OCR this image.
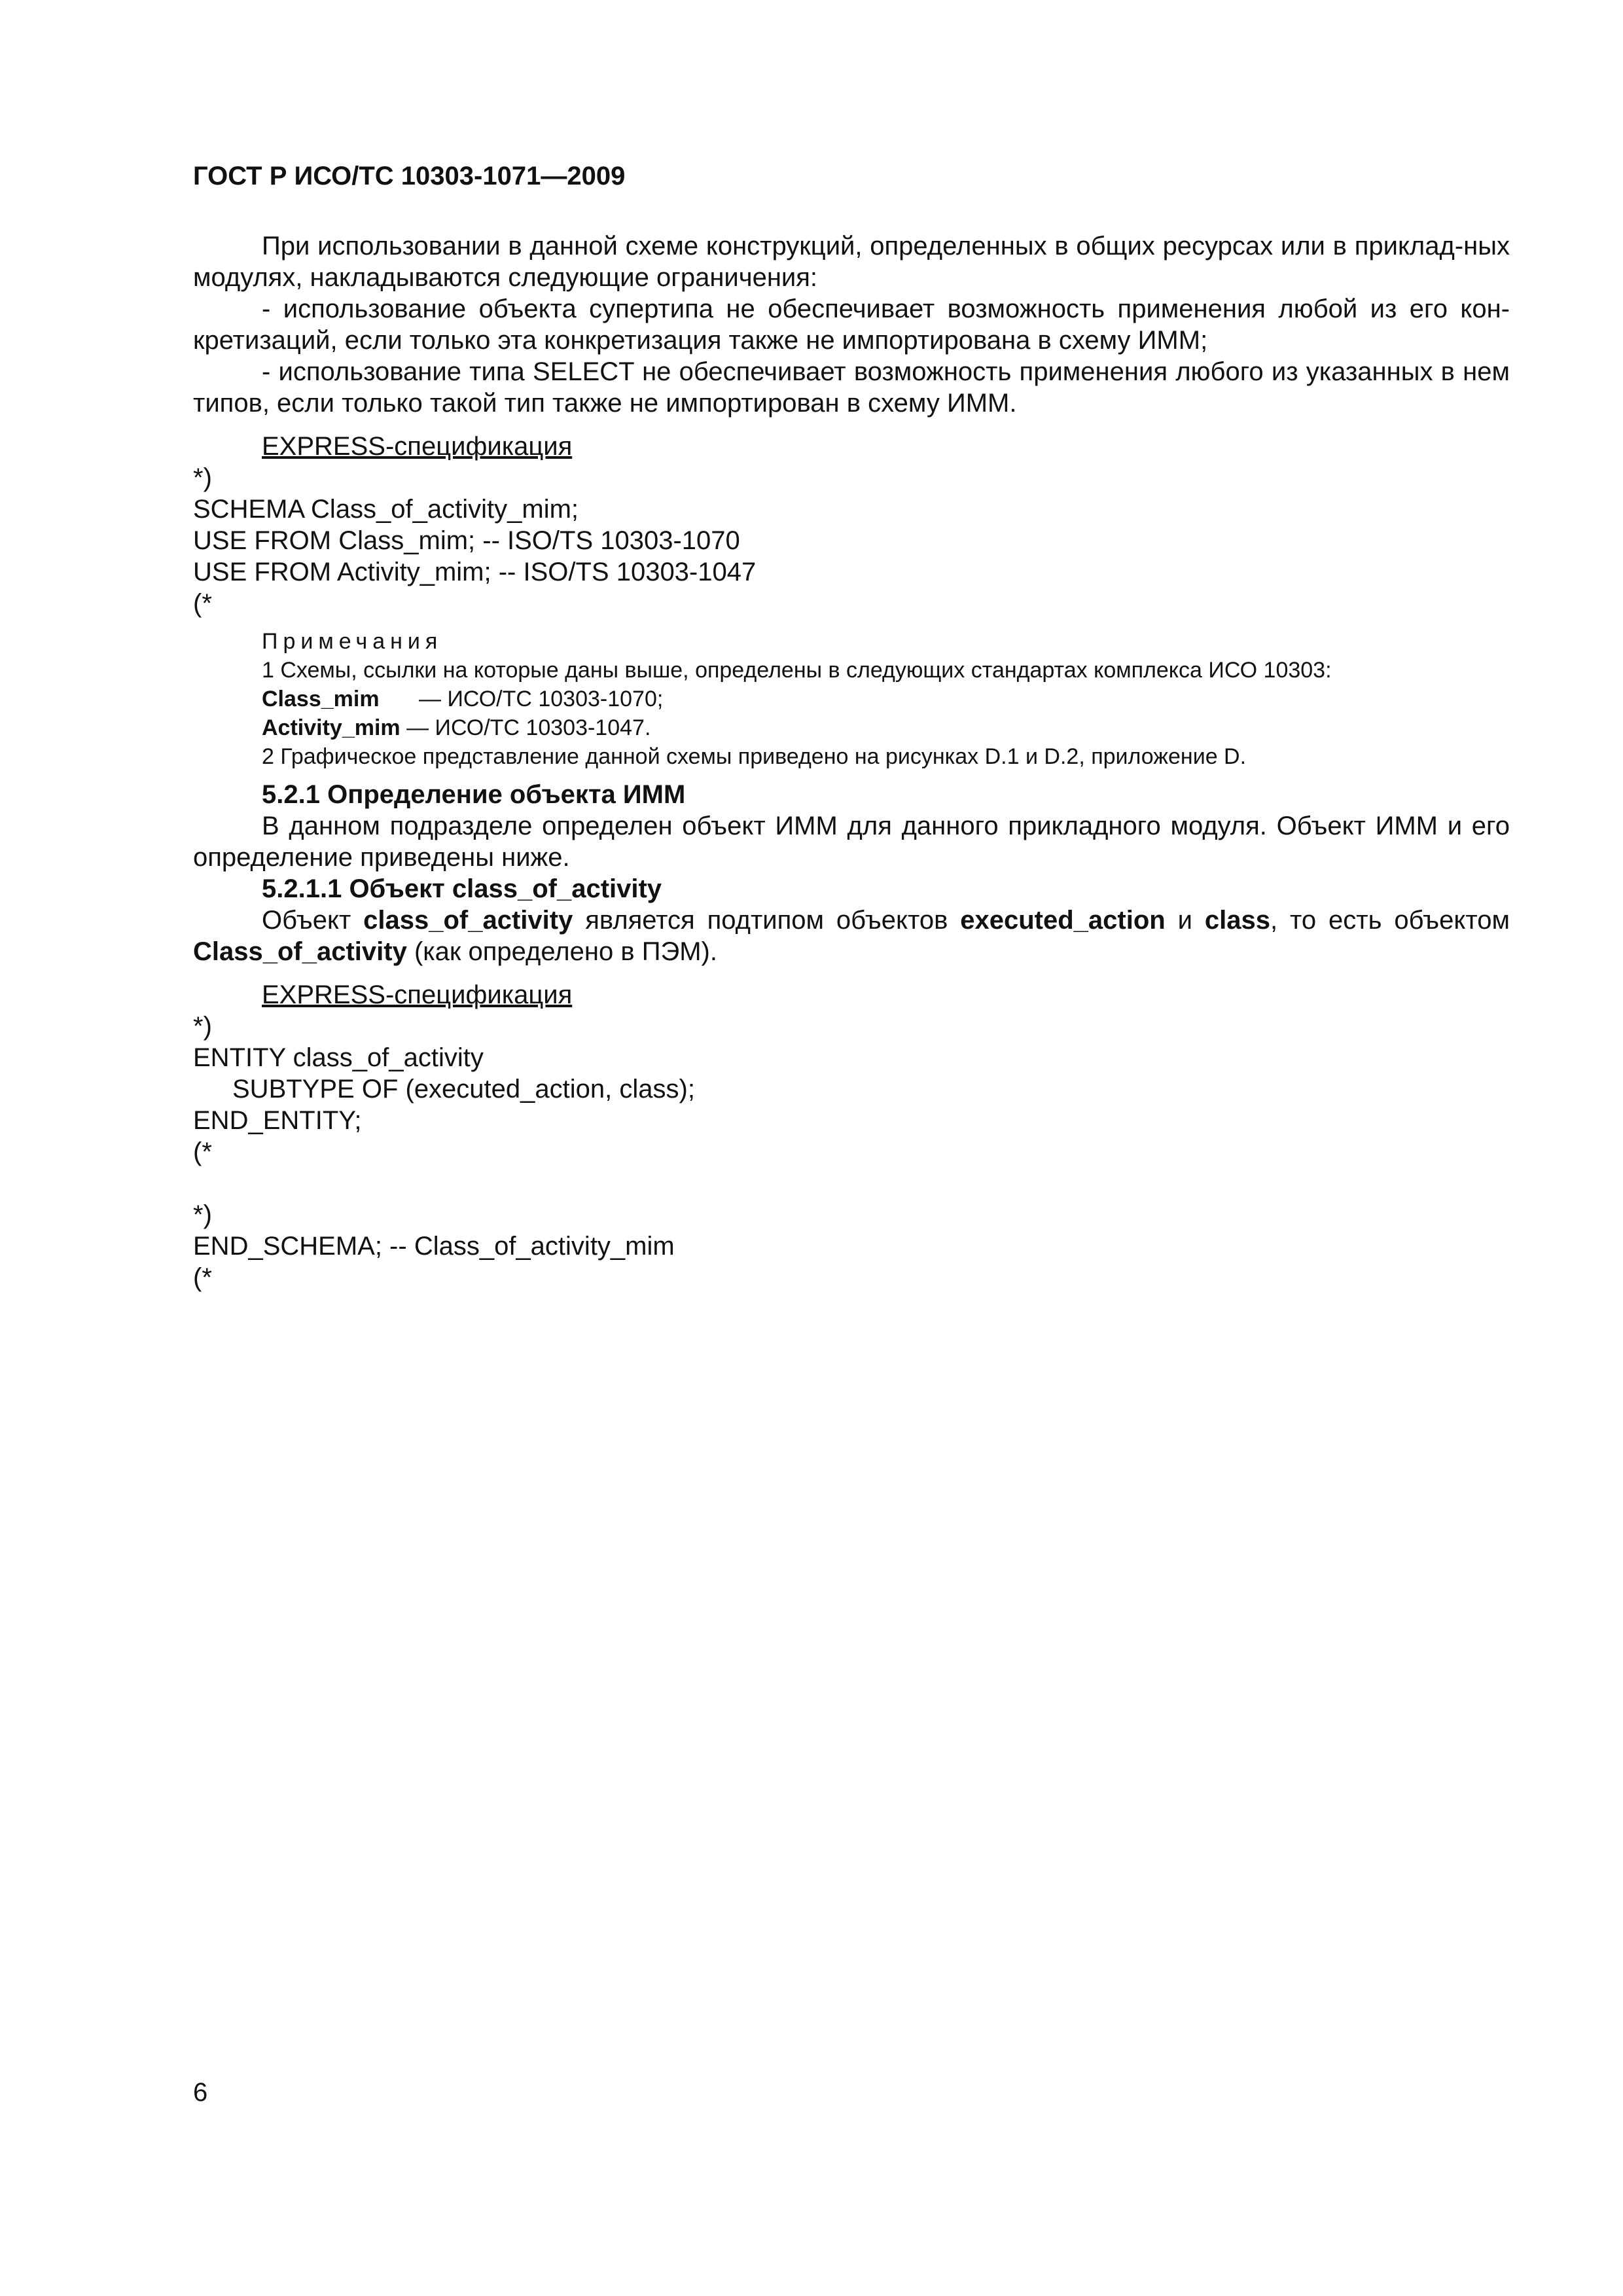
ГОСТ Р ИСО/ТС 10303-1071—2009

При использовании в данной схеме конструкций, определенных в общих ресурсах или в приклад-ных модулях, накладываются следующие ограничения:

- использование объекта супертипа не обеспечивает возможность применения любой из его кон-кретизаций, если только эта конкретизация также не импортирована в схему ИММ;

- использование типа SELECT не обеспечивает возможность применения любого из указанных в нем типов, если только такой тип также не импортирован в схему ИММ.

EXPRESS-спецификация

*)

SCHEMA Class_of_activity_mim;

USE FROM Class_mim; -- ISO/TS 10303-1070

USE FROM Activity_mim; -- ISO/TS 10303-1047

(*

Примечания

1 Схемы, ссылки на которые даны выше, определены в следующих стандартах комплекса ИСО 10303:

Class_mim — ИСО/ТС 10303-1070;

Activity_mim — ИСО/ТС 10303-1047.

2 Графическое представление данной схемы приведено на рисунках D.1 и D.2, приложение D.

5.2.1 Определение объекта ИММ

В данном подразделе определен объект ИММ для данного прикладного модуля. Объект ИММ и его определение приведены ниже.

5.2.1.1 Объект class_of_activity

Объект class_of_activity является подтипом объектов executed_action и class, то есть объектом Class_of_activity (как определено в ПЭМ).

EXPRESS-спецификация

*)

ENTITY class_of_activity

SUBTYPE OF (executed_action, class);

END_ENTITY;

(*

*)

END_SCHEMA; -- Class_of_activity_mim

(*

6
